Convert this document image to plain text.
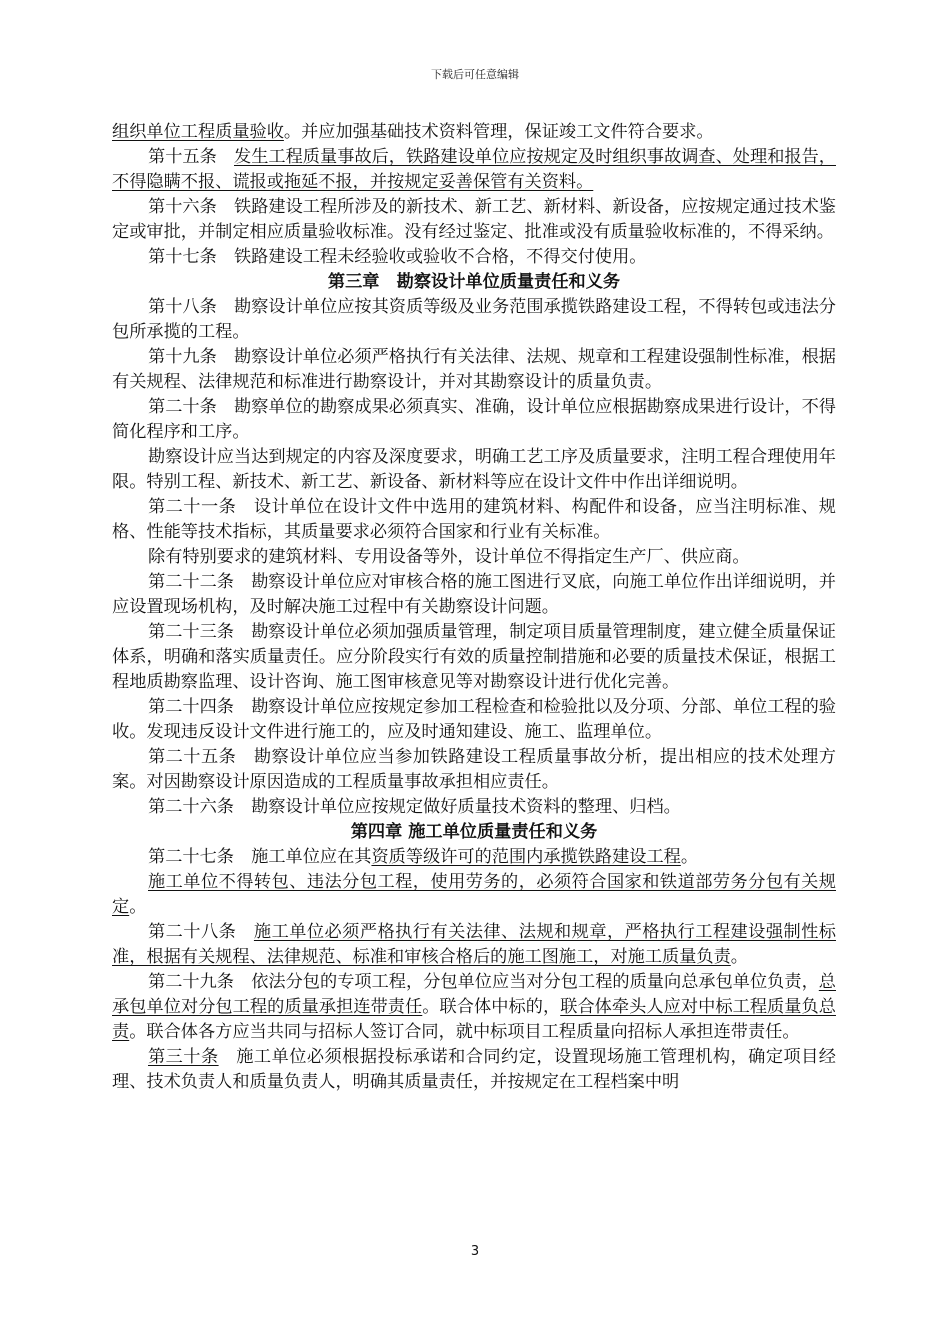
下载后可任意编辑

组织单位工程质量验收。并应加强基础技术资料管理，保证竣工文件符合要求。

第十五条　发生工程质量事故后，铁路建设单位应按规定及时组织事故调查、处理和报告，不得隐瞒不报、谎报或拖延不报，并按规定妥善保管有关资料。

第十六条　铁路建设工程所涉及的新技术、新工艺、新材料、新设备，应按规定通过技术鉴定或审批，并制定相应质量验收标准。没有经过鉴定、批准或没有质量验收标准的，不得采纳。

第十七条　铁路建设工程未经验收或验收不合格，不得交付使用。

第三章　勘察设计单位质量责任和义务

第十八条　勘察设计单位应按其资质等级及业务范围承揽铁路建设工程，不得转包或违法分包所承揽的工程。

第十九条　勘察设计单位必须严格执行有关法律、法规、规章和工程建设强制性标准，根据有关规程、法律规范和标准进行勘察设计，并对其勘察设计的质量负责。

第二十条　勘察单位的勘察成果必须真实、准确，设计单位应根据勘察成果进行设计，不得简化程序和工序。

勘察设计应当达到规定的内容及深度要求，明确工艺工序及质量要求，注明工程合理使用年限。特别工程、新技术、新工艺、新设备、新材料等应在设计文件中作出详细说明。

第二十一条　设计单位在设计文件中选用的建筑材料、构配件和设备，应当注明标准、规格、性能等技术指标，其质量要求必须符合国家和行业有关标准。

除有特别要求的建筑材料、专用设备等外，设计单位不得指定生产厂、供应商。

第二十二条　勘察设计单位应对审核合格的施工图进行叉底，向施工单位作出详细说明，并应设置现场机构，及时解决施工过程中有关勘察设计问题。

第二十三条　勘察设计单位必须加强质量管理，制定项目质量管理制度，建立健全质量保证体系，明确和落实质量责任。应分阶段实行有效的质量控制措施和必要的质量技术保证，根据工程地质勘察监理、设计咨询、施工图审核意见等对勘察设计进行优化完善。

第二十四条　勘察设计单位应按规定参加工程检查和检验批以及分项、分部、单位工程的验收。发现违反设计文件进行施工的，应及时通知建设、施工、监理单位。

第二十五条　勘察设计单位应当参加铁路建设工程质量事故分析，提出相应的技术处理方案。对因勘察设计原因造成的工程质量事故承担相应责任。

第二十六条　勘察设计单位应按规定做好质量技术资料的整理、归档。

第四章 施工单位质量责任和义务

第二十七条　施工单位应在其资质等级许可的范围内承揽铁路建设工程。

施工单位不得转包、违法分包工程，使用劳务的，必须符合国家和铁道部劳务分包有关规定。

第二十八条　施工单位必须严格执行有关法律、法规和规章，严格执行工程建设强制性标准，根据有关规程、法律规范、标准和审核合格后的施工图施工，对施工质量负责。

第二十九条　依法分包的专项工程，分包单位应当对分包工程的质量向总承包单位负责，总承包单位对分包工程的质量承担连带责任。联合体中标的，联合体牵头人应对中标工程质量负总责。联合体各方应当共同与招标人签订合同，就中标项目工程质量向招标人承担连带责任。

第三十条　施工单位必须根据投标承诺和合同约定，设置现场施工管理机构，确定项目经理、技术负责人和质量负责人，明确其质量责任，并按规定在工程档案中明

3
